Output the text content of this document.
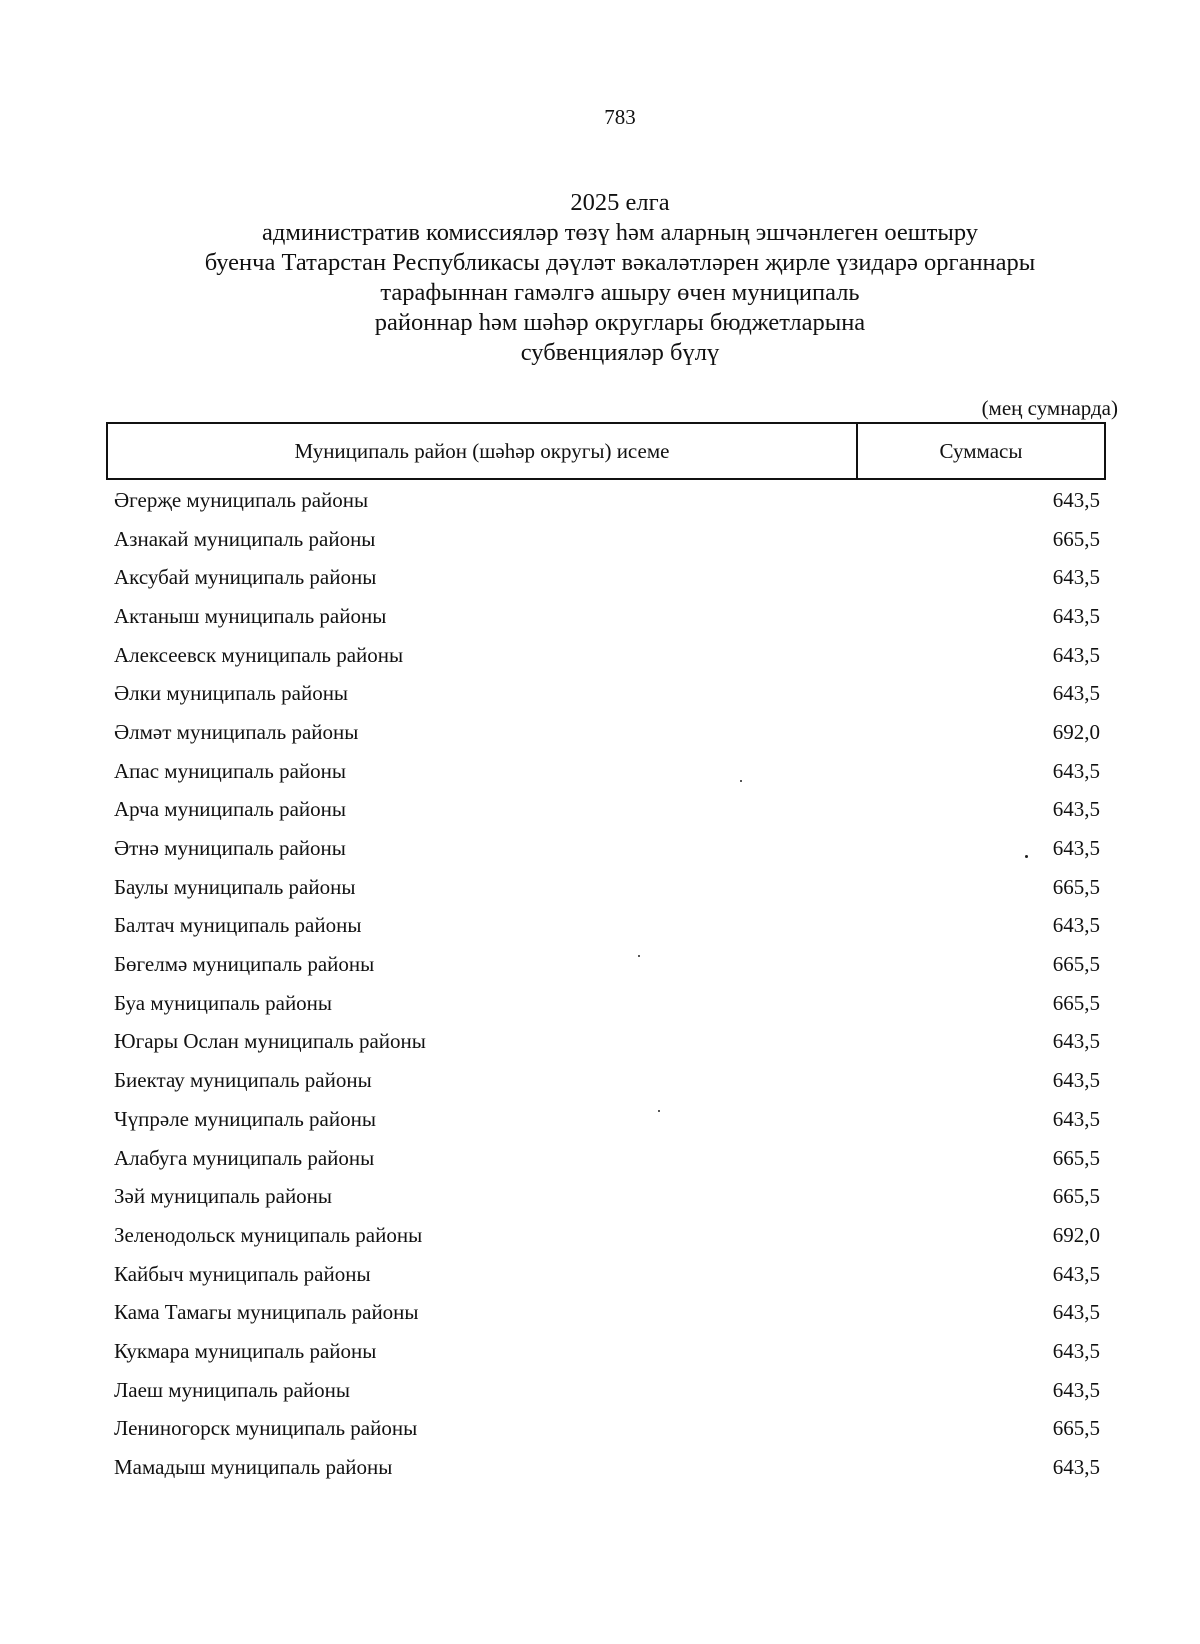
783
2025 елга
административ комиссияләр төзү һәм аларның эшчәнлеген оештыру
буенча Татарстан Республикасы дәүләт вәкаләтләрен җирле үзидарә органнары
тарафыннан гамәлгә ашыру өчен муниципаль
районнар һәм шәһәр округлары бюджетларына
субвенцияләр бүлү
(мең сумнарда)
Муниципаль район (шәһәр округы) исеме	Суммасы
Әгерҗе муниципаль районы	643,5
Азнакай муниципаль районы	665,5
Аксубай муниципаль районы	643,5
Актаныш муниципаль районы	643,5
Алексеевск муниципаль районы	643,5
Әлки муниципаль районы	643,5
Әлмәт муниципаль районы	692,0
Апас муниципаль районы	643,5
Арча муниципаль районы	643,5
Әтнә муниципаль районы	643,5
Баулы муниципаль районы	665,5
Балтач муниципаль районы	643,5
Бөгелмә муниципаль районы	665,5
Буа муниципаль районы	665,5
Югары Ослан муниципаль районы	643,5
Биектау муниципаль районы	643,5
Чүпрәле муниципаль районы	643,5
Алабуга муниципаль районы	665,5
Зәй муниципаль районы	665,5
Зеленодольск муниципаль районы	692,0
Кайбыч муниципаль районы	643,5
Кама Тамагы муниципаль районы	643,5
Кукмара муниципаль районы	643,5
Лаеш муниципаль районы	643,5
Лениногорск муниципаль районы	665,5
Мамадыш муниципаль районы	643,5
